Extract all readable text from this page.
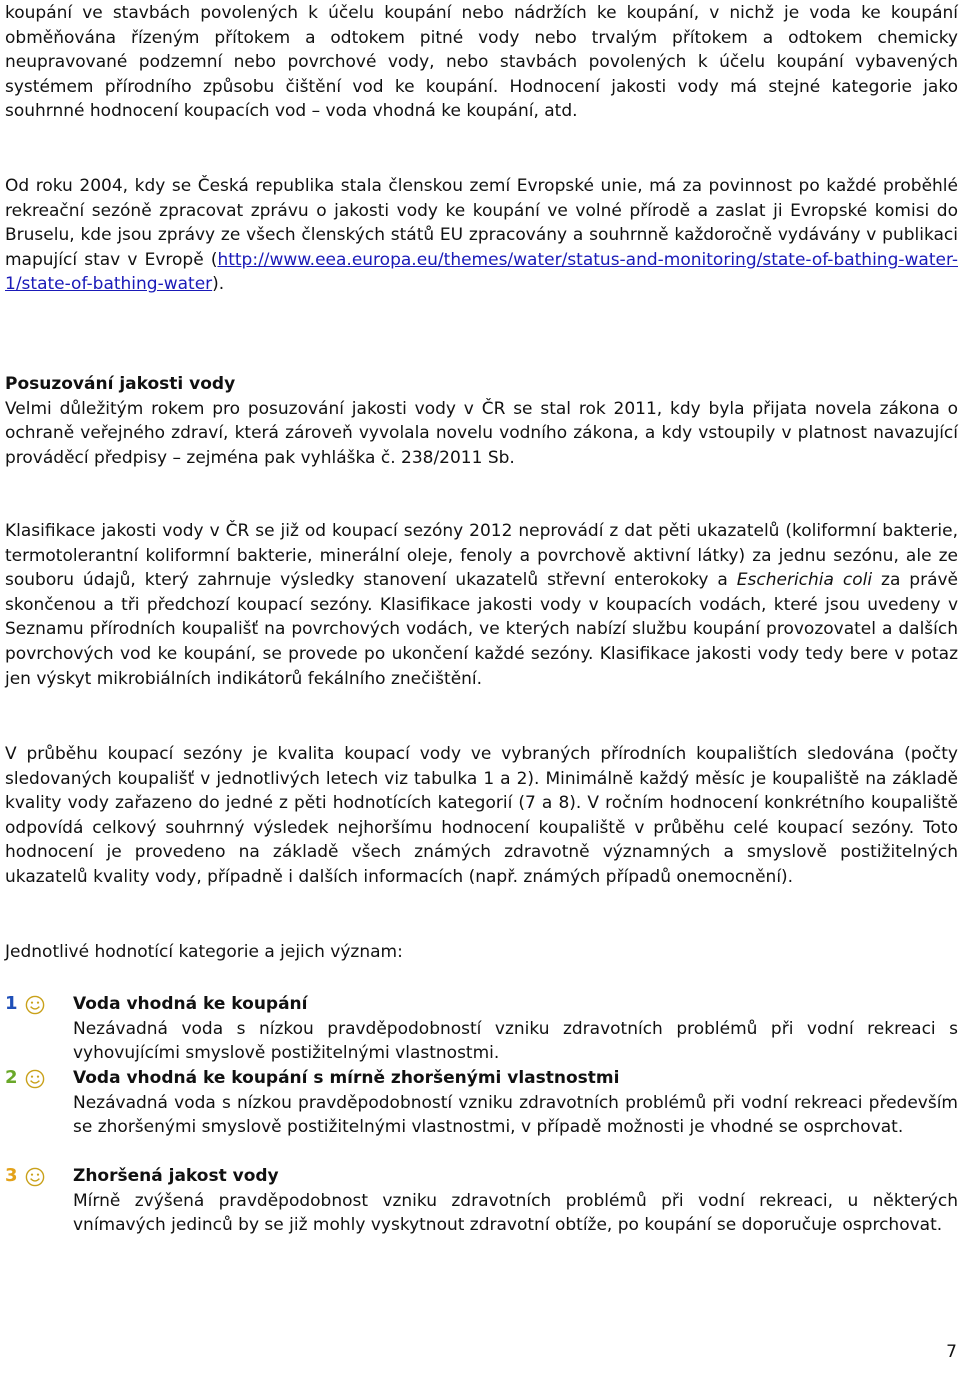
koupání ve stavbách povolených k účelu koupání nebo nádržích ke koupání, v nichž je voda ke koupání obměňována řízeným přítokem a odtokem pitné vody nebo trvalým přítokem a odtokem chemicky neupravované podzemní nebo povrchové vody, nebo stavbách povolených k účelu koupání vybavených systémem přírodního způsobu čištění vod ke koupání. Hodnocení jakosti vody má stejné kategorie jako souhrnné hodnocení koupacích vod – voda vhodná ke koupání, atd.

Od roku 2004, kdy se Česká republika stala členskou zemí Evropské unie, má za povinnost po každé proběhlé rekreační sezóně zpracovat zprávu o jakosti vody ke koupání ve volné přírodě a zaslat ji Evropské komisi do Bruselu, kde jsou zprávy ze všech členských států EU zpracovány a souhrnně každoročně vydávány v publikaci mapující stav v Evropě (http://www.eea.europa.eu/themes/water/status-and-monitoring/state-of-bathing-water-1/state-of-bathing-water).

Posuzování jakosti vody
Velmi důležitým rokem pro posuzování jakosti vody v ČR se stal rok 2011, kdy byla přijata novela zákona o ochraně veřejného zdraví, která zároveň vyvolala novelu vodního zákona, a kdy vstoupily v platnost navazující prováděcí předpisy – zejména pak vyhláška č. 238/2011 Sb.

Klasifikace jakosti vody v ČR se již od koupací sezóny 2012 neprovádí z dat pěti ukazatelů (koliformní bakterie, termotolerantní koliformní bakterie, minerální oleje, fenoly a povrchově aktivní látky) za jednu sezónu, ale ze souboru údajů, který zahrnuje výsledky stanovení ukazatelů střevní enterokoky a Escherichia coli za právě skončenou a tři předchozí koupací sezóny. Klasifikace jakosti vody v koupacích vodách, které jsou uvedeny v Seznamu přírodních koupališť na povrchových vodách, ve kterých nabízí službu koupání provozovatel a dalších povrchových vod ke koupání, se provede po ukončení každé sezóny. Klasifikace jakosti vody tedy bere v potaz jen výskyt mikrobiálních indikátorů fekálního znečištění.

V průběhu koupací sezóny je kvalita koupací vody ve vybraných přírodních koupalištích sledována (počty sledovaných koupališť v jednotlivých letech viz tabulka 1 a 2). Minimálně každý měsíc je koupaliště na základě kvality vody zařazeno do jedné z pěti hodnotících kategorií (7 a 8). V ročním hodnocení konkrétního koupaliště odpovídá celkový souhrnný výsledek nejhoršímu hodnocení koupaliště v průběhu celé koupací sezóny. Toto hodnocení je provedeno na základě všech známých zdravotně významných a smyslově postižitelných ukazatelů kvality vody, případně i dalších informacích (např. známých případů onemocnění).

Jednotlivé hodnotící kategorie a jejich význam:

1	Voda vhodná ke koupání

Nezávadná voda s nízkou pravděpodobností vzniku zdravotních problémů při vodní rekreaci s vyhovujícími smyslově postižitelnými vlastnostmi.

2	Voda vhodná ke koupání s mírně zhoršenými vlastnostmi

Nezávadná voda s nízkou pravděpodobností vzniku zdravotních problémů při vodní rekreaci především se zhoršenými smyslově postižitelnými vlastnostmi, v případě možnosti je vhodné se osprchovat.

3	Zhoršená jakost vody

Mírně zvýšená pravděpodobnost vzniku zdravotních problémů při vodní rekreaci, u některých vnímavých jedinců by se již mohly vyskytnout zdravotní obtíže, po koupání se doporučuje osprchovat.

7
